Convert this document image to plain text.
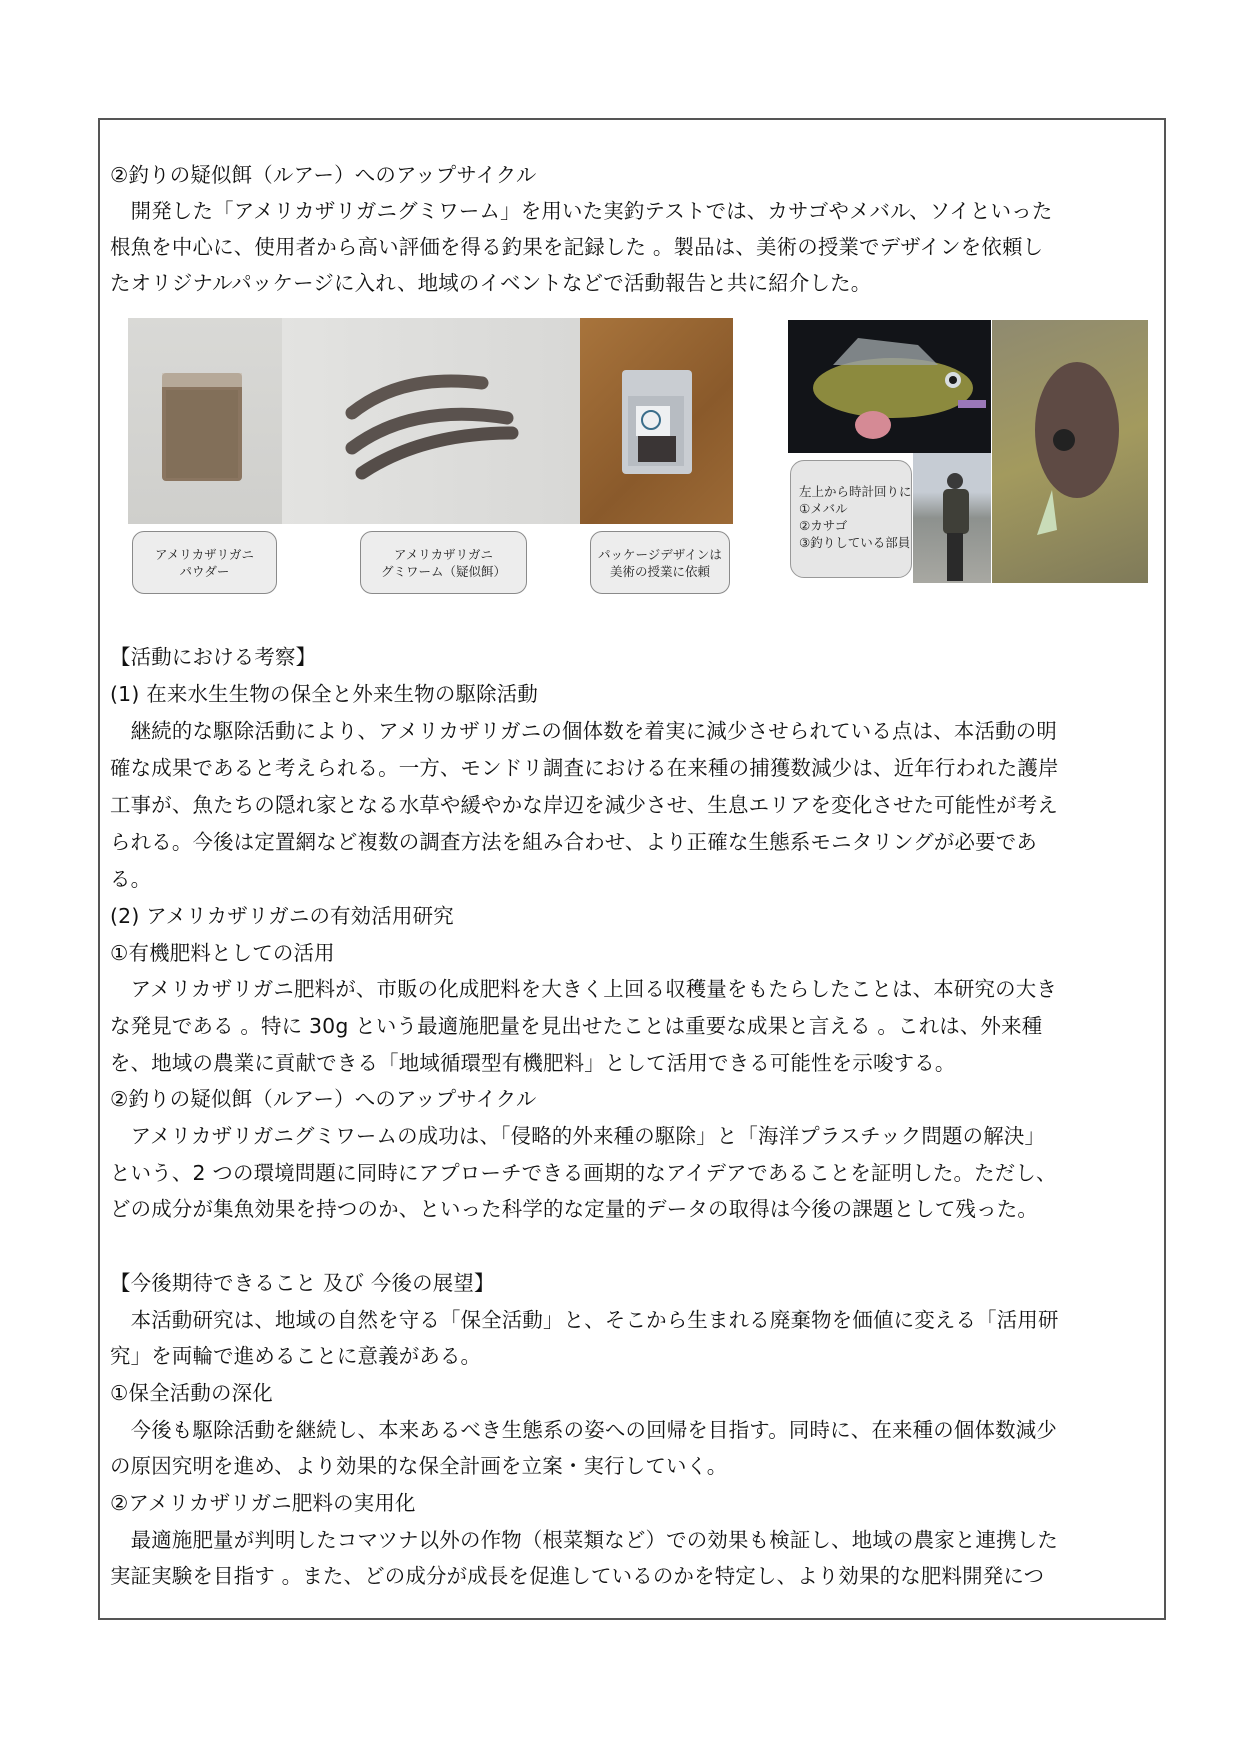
②釣りの疑似餌（ルアー）へのアップサイクル
　開発した「アメリカザリガニグミワーム」を用いた実釣テストでは、カサゴやメバル、ソイといった
根魚を中心に、使用者から高い評価を得る釣果を記録した 。製品は、美術の授業でデザインを依頼し
たオリジナルパッケージに入れ、地域のイベントなどで活動報告と共に紹介した。
アメリカザリガニ
パウダー
アメリカザリガニ
グミワーム（疑似餌）
パッケージデザインは
美術の授業に依頼
左上から時計回りに
①メバル
②カサゴ
③釣りしている部員
【活動における考察】
(1) 在来水生生物の保全と外来生物の駆除活動
　継続的な駆除活動により、アメリカザリガニの個体数を着実に減少させられている点は、本活動の明
確な成果であると考えられる。一方、モンドリ調査における在来種の捕獲数減少は、近年行われた護岸
工事が、魚たちの隠れ家となる水草や緩やかな岸辺を減少させ、生息エリアを変化させた可能性が考え
られる。今後は定置網など複数の調査方法を組み合わせ、より正確な生態系モニタリングが必要であ
る。
(2) アメリカザリガニの有効活用研究
①有機肥料としての活用
　アメリカザリガニ肥料が、市販の化成肥料を大きく上回る収穫量をもたらしたことは、本研究の大き
な発見である 。特に 30g という最適施肥量を見出せたことは重要な成果と言える 。これは、外来種
を、地域の農業に貢献できる「地域循環型有機肥料」として活用できる可能性を示唆する。
②釣りの疑似餌（ルアー）へのアップサイクル
　アメリカザリガニグミワームの成功は、「侵略的外来種の駆除」と「海洋プラスチック問題の解決」
という、2 つの環境問題に同時にアプローチできる画期的なアイデアであることを証明した。ただし、
どの成分が集魚効果を持つのか、といった科学的な定量的データの取得は今後の課題として残った。
【今後期待できること 及び 今後の展望】
　本活動研究は、地域の自然を守る「保全活動」と、そこから生まれる廃棄物を価値に変える「活用研
究」を両輪で進めることに意義がある。
①保全活動の深化
　今後も駆除活動を継続し、本来あるべき生態系の姿への回帰を目指す。同時に、在来種の個体数減少
の原因究明を進め、より効果的な保全計画を立案・実行していく。
②アメリカザリガニ肥料の実用化
　最適施肥量が判明したコマツナ以外の作物（根菜類など）での効果も検証し、地域の農家と連携した
実証実験を目指す 。また、どの成分が成長を促進しているのかを特定し、より効果的な肥料開発につ
